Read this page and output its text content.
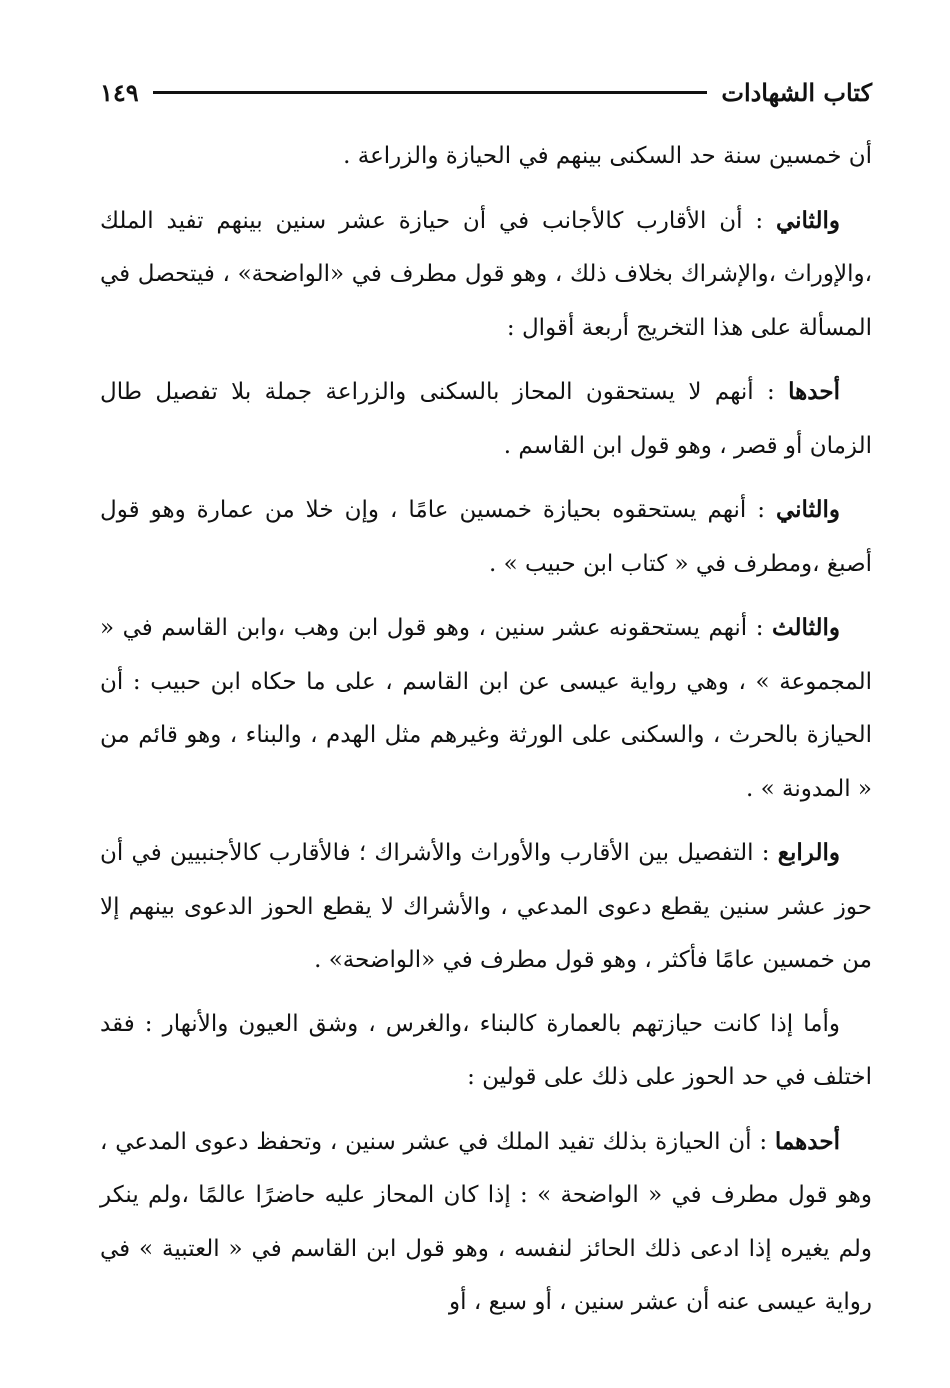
كتاب الشهادات
١٤٩

أن خمسين سنة حد السكنى بينهم في الحيازة والزراعة .

والثاني : أن الأقارب كالأجانب في أن حيازة عشر سنين بينهم تفيد الملك ،والإوراث ،والإشراك بخلاف ذلك ، وهو قول مطرف في «الواضحة» ، فيتحصل في المسألة على هذا التخريج أربعة أقوال :

أحدها : أنهم لا يستحقون المحاز بالسكنى والزراعة جملة بلا تفصيل طال الزمان أو قصر ، وهو قول ابن القاسم .

والثاني : أنهم يستحقوه بحيازة خمسين عامًا ، وإن خلا من عمارة وهو قول أصبغ ،ومطرف في « كتاب ابن حبيب » .

والثالث : أنهم يستحقونه عشر سنين ، وهو قول ابن وهب ،وابن القاسم في « المجموعة » ، وهي رواية عيسى عن ابن القاسم ، على ما حكاه ابن حبيب : أن الحيازة بالحرث ، والسكنى على الورثة وغيرهم مثل الهدم ، والبناء ، وهو قائم من « المدونة » .

والرابع : التفصيل بين الأقارب والأوراث والأشراك ؛ فالأقارب كالأجنبيين في أن حوز عشر سنين يقطع دعوى المدعي ، والأشراك لا يقطع الحوز الدعوى بينهم إلا من خمسين عامًا فأكثر ، وهو قول مطرف في «الواضحة» .

وأما إذا كانت حيازتهم بالعمارة كالبناء ،والغرس ، وشق العيون والأنهار : فقد اختلف في حد الحوز على ذلك على قولين :

أحدهما : أن الحيازة بذلك تفيد الملك في عشر سنين ، وتحفظ دعوى المدعي ، وهو قول مطرف في « الواضحة » : إذا كان المحاز عليه حاضرًا عالمًا ،ولم ينكر ولم يغيره إذا ادعى ذلك الحائز لنفسه ، وهو قول ابن القاسم في « العتبية » في رواية عيسى عنه أن عشر سنين ، أو سبع ، أو
